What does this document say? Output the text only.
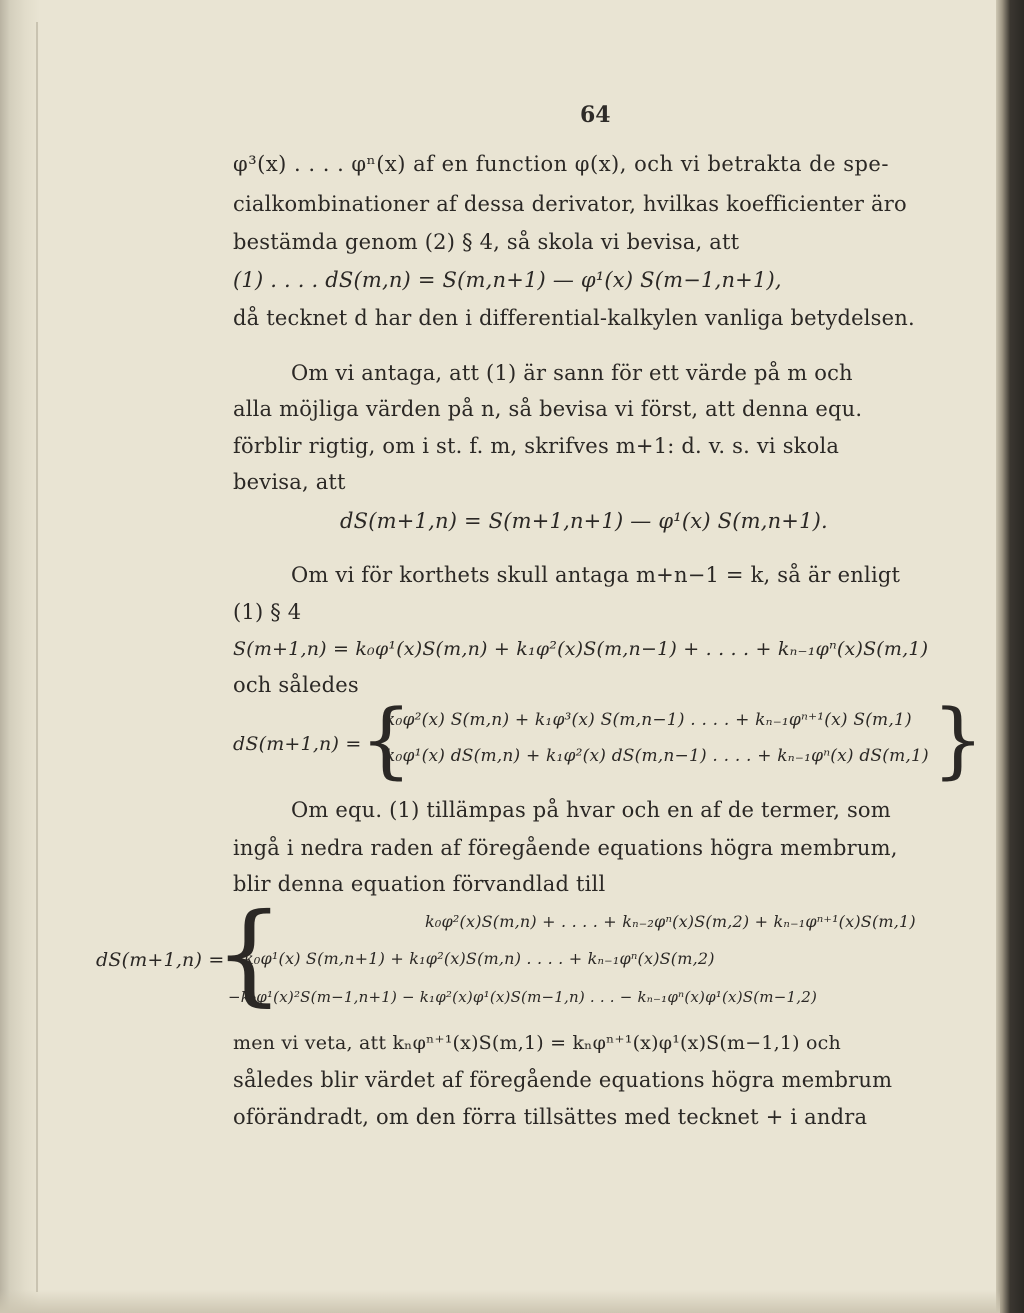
64

φ³(x) . . . . φⁿ(x) af en function φ(x), och vi betrakta de spe-

cialkombinationer af dessa derivator, hvilkas koefficienter äro

bestämda genom (2) § 4, så skola vi bevisa, att

(1) . . . . dS(m,n) = S(m,n+1) — φ¹(x) S(m−1,n+1),

då tecknet d har den i differential-kalkylen vanliga betydelsen.

Om vi antaga, att (1) är sann för ett värde på m och

alla möjliga värden på n, så bevisa vi först, att denna equ.

förblir rigtig, om i st. f. m, skrifves m+1: d. v. s. vi skola

bevisa, att

dS(m+1,n) = S(m+1,n+1) — φ¹(x) S(m,n+1).

Om vi för korthets skull antaga m+n−1 = k, så är enligt

(1) § 4

S(m+1,n) = k₀φ¹(x)S(m,n) + k₁φ²(x)S(m,n−1) + . . . . + kₙ₋₁φⁿ(x)S(m,1)

och således

dS(m+1,n) =

{

k₀φ²(x) S(m,n) + k₁φ³(x) S(m,n−1) . . . . + kₙ₋₁φⁿ⁺¹(x) S(m,1)

k₀φ¹(x) dS(m,n) + k₁φ²(x) dS(m,n−1) . . . . + kₙ₋₁φⁿ(x) dS(m,1) }

Om equ. (1) tillämpas på hvar och en af de termer, som

ingå i nedra raden af föregående equations högra membrum,

blir denna equation förvandlad till

k₀φ²(x)S(m,n) + . . . . + kₙ₋₂φⁿ(x)S(m,2) + kₙ₋₁φⁿ⁺¹(x)S(m,1)

dS(m+1,n) =

{

k₀φ¹(x) S(m,n+1) + k₁φ²(x)S(m,n) . . . . + kₙ₋₁φⁿ(x)S(m,2)

−k₀φ¹(x)²S(m−1,n+1) − k₁φ²(x)φ¹(x)S(m−1,n) . . . − kₙ₋₁φⁿ(x)φ¹(x)S(m−1,2)

men vi veta, att kₙφⁿ⁺¹(x)S(m,1) = kₙφⁿ⁺¹(x)φ¹(x)S(m−1,1) och

således blir värdet af föregående equations högra membrum

oförändradt, om den förra tillsättes med tecknet + i andra
